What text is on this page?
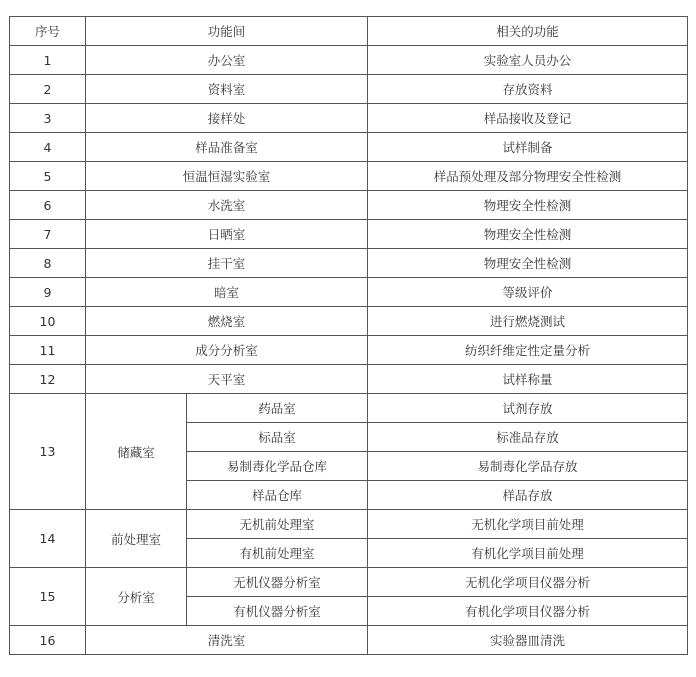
序号	功能间		相关的功能
1	办公室		实验室人员办公
2	资料室		存放资料
3	接样处		样品接收及登记
4	样品准备室		试样制备
5	恒温恒湿实验室		样品预处理及部分物理安全性检测
6	水洗室		物理安全性检测
7	日晒室		物理安全性检测
8	挂干室		物理安全性检测
9	暗室		等级评价
10	燃烧室		进行燃烧测试
11	成分分析室		纺织纤维定性定量分析
12	天平室		试样称量
13	储藏室	药品室	试剂存放
		标品室	标准品存放
		易制毒化学品仓库	易制毒化学品存放
		样品仓库	样品存放
14	前处理室	无机前处理室	无机化学项目前处理
		有机前处理室	有机化学项目前处理
15	分析室	无机仪器分析室	无机化学项目仪器分析
		有机仪器分析室	有机化学项目仪器分析
16	清洗室		实验器皿清洗
